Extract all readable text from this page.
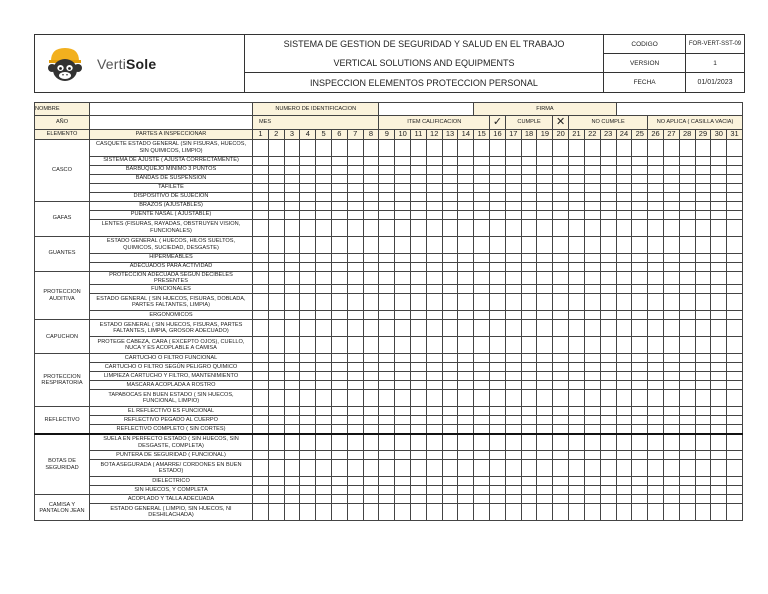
VertiSole	SISTEMA DE GESTION DE SEGURIDAD Y SALUD EN EL TRABAJO	CODIGO	FOR-VERT-SST-09
	VERTICAL SOLUTIONS AND EQUIPMENTS	VERSION	1
	INSPECCION ELEMENTOS PROTECCION PERSONAL	FECHA	01/01/2023
NOMBRE		NUMERO DE IDENTIFICACION														FIRMA																
AÑO		MES								ITEM CALIFICACION							✓	CUMPLE			✕	NO CUMPLE					NO APLICA ( CASILLA VACIA)					
ELEMENTO	PARTES A INSPECCIONAR	1	2	3	4	5	6	7	8	9	10	11	12	13	14	15	16	17	18	19	20	21	22	23	24	25	26	27	28	29	30	31
CASCO	CASQUETE ESTADO GENERAL (SIN FISURAS, HUECOS, SIN QUIMICOS, LIMPIO)																															
	SISTEMA DE AJUSTE ( AJUSTA CORRECTAMENTE)																															
	BARBUQUEJO MINIMO 3 PUNTOS																															
	BANDAS DE SUSPENSION																															
	TAFILETE																															
	DISPOSITIVO DE SUJECION																															
GAFAS	BRAZOS (AJUSTABLES)																															
	PUENTE NASAL ( AJUSTABLE)																															
	LENTES (FISURAS, RAYADAS, OBSTRUYEN VISION, FUNCIONALES)																															
GUANTES	ESTADO GENERAL ( HUECOS, HILOS SUELTOS, QUIMICOS, SUCIEDAD, DESGASTE)																															
	HIPERMEABLES																															
	ADECUADOS PARA ACTIVIDAD																															
PROTECCION AUDITIVA	PROTECCION ADECUADA SEGÚN DECIBELES PRESENTES																															
	FUNCIONALES																															
	ESTADO GENERAL ( SIN HUECOS, FISURAS, DOBLADA, PARTES FALTANTES, LIMPIA)																															
	ERGONOMICOS																															
CAPUCHON	ESTADO GENERAL ( SIN HUECOS, FISURAS, PARTES FALTANTES, LIMPIA, GROSOR ADECUADO)																															
	PROTEGE CABEZA, CARA ( EXCEPTO OJOS), CUELLO, NUCA Y ES ACOPLABLE A CAMISA																															
PROTECCION RESPIRATORIA	CARTUCHO O FILTRO FUNCIONAL																															
	CARTUCHO O FILTRO SEGÚN PELIGRO QUIMICO																															
	LIMPIEZA CARTUCHO Y FILTRO, MANTENIMIENTO																															
	MASCARA ACOPLADA A ROSTRO																															
	TAPABOCAS EN BUEN ESTADO ( SIN HUECOS, FUNCIONAL, LIMPIO)																															
REFLECTIVO	EL REFLECTIVO ES FUNCIONAL																															
	REFLECTIVO PEGADO AL CUERPO																															
	REFLECTIVO COMPLETO ( SIN CORTES)																															
BOTAS DE SEGURIDAD	SUELA EN PERFECTO ESTADO ( SIN HUECOS, SIN DESGASTE, COMPLETA)																															
	PUNTERA DE SEGURIDAD ( FUNCIONAL)																															
	BOTA ASEGURADA ( AMARRE/ CORDONES EN BUEN ESTADO)																															
	DIELECTRICO																															
	SIN HUECOS, Y COMPLETA																															
CAMISA Y PANTALON JEAN	ACOPLADO Y TALLA ADECUADA																															
	ESTADO GENERAL ( LIMPIO, SIN HUECOS, NI DESHILACHADA)																															
